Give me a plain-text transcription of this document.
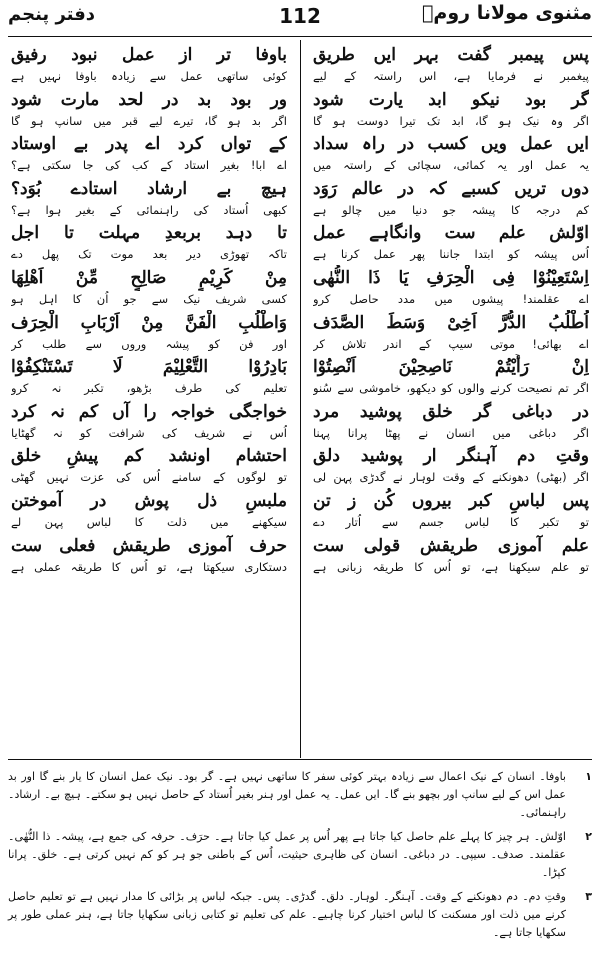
مثنوی مولانا رومؒ
112
دفتر پنجم
پس پیمبر گفت بہر ایں طریق
پیغمبر نے فرمایا ہے، اس راستہ کے لیے
گر بود نیکو ابد یارت شود
اگر وہ نیک ہو گا، ابد تک تیرا دوست ہو گا
ایں عمل ویں کسب در راہ سداد
یہ عمل اور یہ کمائی، سچائی کے راستہ میں
دوں تریں کسبے کہ در عالم رَوَد
کم درجہ کا پیشہ جو دنیا میں چالو ہے
اوّلش علم ست وانگاہے عمل
اُس پیشہ کو ابتدا جاننا پھر عمل کرنا ہے
اِسْتَعِیْنُوْا فِی الْحِرَفِ یَا ذَا النُّھٰی
اے عقلمند! پیشوں میں مدد حاصل کرو
اُطْلُبُ الدُّرَّ اَخِیْ وَسَطَ الصَّدَف
اے بھائی! موتی سیپ کے اندر تلاش کر
اِنْ رَأَیْتُمْ نَاصِحِیْنَ اَنْصِتُوْا
اگر تم نصیحت کرنے والوں کو دیکھو، خاموشی سے سُنو
در دباغی گر خلق پوشید مرد
اگر دباغی میں انسان نے پھٹا پرانا پہنا
وقتِ دم آہنگر ار پوشید دلق
اگر (بھٹی) دھونکنے کے وقت لوہار نے گدڑی پہن لی
پس لباسِ کبر بیروں کُن ز تن
تو تکبر کا لباس جسم سے اُتار دے
علم آموزی طریقش قولی ست
تو علم سیکھنا ہے، تو اُس کا طریقہ زبانی ہے
باوفا تر از عمل نبود رفیق
کوئی ساتھی عمل سے زیادہ باوفا نہیں ہے
ور بود بد در لحد مارت شود
اگر بد ہو گا، تیرے لیے قبر میں سانپ ہو گا
کے تواں کرد اے پدر بے اوستاد
اے ابا! بغیر استاد کے کب کی جا سکتی ہے؟
ہیچ بے ارشاد استادے بُوَد؟
کبھی اُستاد کی راہنمائی کے بغیر ہوا ہے؟
تا دہد بربعدِ مہلت تا اجل
تاکہ تھوڑی دیر بعد موت تک پھل دے
مِنْ کَرِیْمٍ صَالِحٍ مِّنْ اَھْلِھَا
کسی شریف نیک سے جو اُن کا اہل ہو
وَاطْلُبِ الْفَنَّ مِنْ اَرْبَابِ الْحِرَف
اور فن کو پیشہ وروں سے طلب کر
بَادِرُوْا التَّعْلِیْمَ لَا تَسْتَنْکِفُوْا
تعلیم کی طرف بڑھو، تکبر نہ کرو
خواجگی خواجہ را آں کم نہ کرد
اُس نے شریف کی شرافت کو نہ گھٹایا
احتشام اونشد کم پیشِ خلق
تو لوگوں کے سامنے اُس کی عزت نہیں گھٹی
ملبسِ ذل پوش در آموختن
سیکھنے میں ذلت کا لباس پہن لے
حرف آموزی طریقش فعلی ست
دستکاری سیکھتا ہے، تو اُس کا طریقہ عملی ہے
۱
باوفا۔ انسان کے نیک اعمال سے زیادہ بہتر کوئی سفر کا ساتھی نہیں ہے۔ گر بود۔ نیک عمل انسان کا یار بنے گا اور بد عمل اس کے لیے سانپ اور بچھو بنے گا۔ ایں عمل۔ یہ عمل اور ہنر بغیر اُستاد کے حاصل نہیں ہو سکتے۔ ہیچ بے۔ ارشاد۔ راہنمائی۔
۲
اوّلش۔ ہر چیز کا پہلے علم حاصل کیا جاتا ہے پھر اُس پر عمل کیا جاتا ہے۔ حرَف۔ حرفہ کی جمع ہے، پیشہ۔ ذا النُّھٰی۔ عقلمند۔ صدف۔ سیپی۔ در دباغی۔ انسان کی ظاہری حیثیت، اُس کے باطنی جو ہر کو کم نہیں کرتی ہے۔ خلق۔ پرانا کپڑا۔
۳
وقتِ دم۔ دم دھونکنے کے وقت۔ آہنگر۔ لوہار۔ دلق۔ گدڑی۔ پس۔ جبکہ لباس پر بڑائی کا مدار نہیں ہے تو تعلیم حاصل کرنے میں ذلت اور مسکنت کا لباس اختیار کرنا چاہیے۔ علم کی تعلیم تو کتابی زبانی سکھایا جاتا ہے، ہنر عملی طور پر سکھایا جاتا ہے۔
